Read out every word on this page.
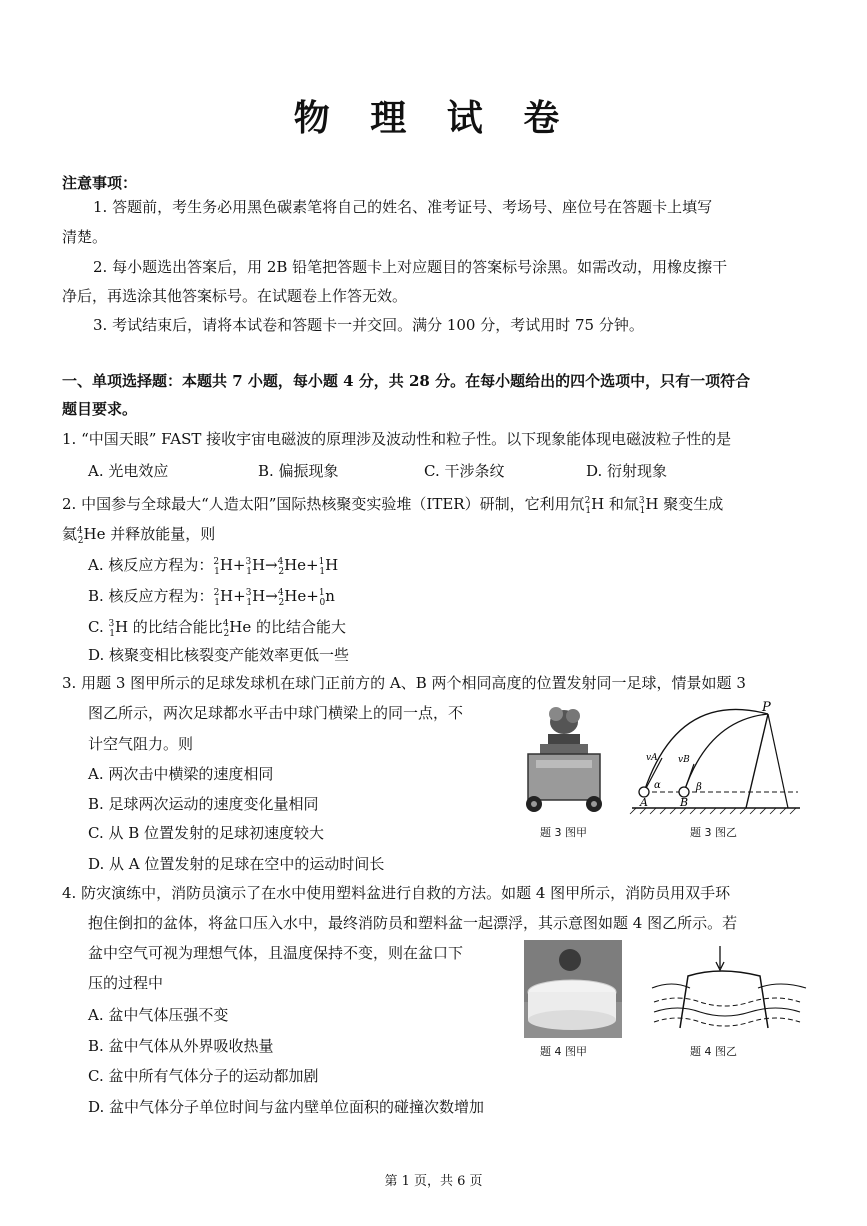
物 理 试 卷
注意事项：
1. 答题前，考生务必用黑色碳素笔将自己的姓名、准考证号、考场号、座位号在答题卡上填写
清楚。
2. 每小题选出答案后，用 2B 铅笔把答题卡上对应题目的答案标号涂黑。如需改动，用橡皮擦干
净后，再选涂其他答案标号。在试题卷上作答无效。
3. 考试结束后，请将本试卷和答题卡一并交回。满分 100 分，考试用时 75 分钟。
一、单项选择题：本题共 7 小题，每小题 4 分，共 28 分。在每小题给出的四个选项中，只有一项符合
题目要求。
1. “中国天眼” FAST 接收宇宙电磁波的原理涉及波动性和粒子性。以下现象能体现电磁波粒子性的是
A. 光电效应	B. 偏振现象	C. 干涉条纹	D. 衍射现象
2. 中国参与全球最大“人造太阳”国际热核聚变实验堆（ITER）研制，它利用氘$^2_1$H 和氚$^3_1$H 聚变生成
氦$^4_2$He 并释放能量，则
A. 核反应方程为：$^2_1$H+$^3_1$H→$^4_2$He+$^1_1$H
B. 核反应方程为：$^2_1$H+$^3_1$H→$^4_2$He+$^1_0$n
C. $^3_1$H 的比结合能比$^4_2$He 的比结合能大
D. 核聚变相比核裂变产能效率更低一些
3. 用题 3 图甲所示的足球发球机在球门正前方的 A、B 两个相同高度的位置发射同一足球，情景如题 3
图乙所示，两次足球都水平击中球门横梁上的同一点，不
计空气阻力。则
A. 两次击中横梁的速度相同
B. 足球两次运动的速度变化量相同
C. 从 B 位置发射的足球初速度较大
D. 从 A 位置发射的足球在空中的运动时间长
题 3 图甲
P
vA vB
α	β
A	B
题 3 图乙
4. 防灾演练中，消防员演示了在水中使用塑料盆进行自救的方法。如题 4 图甲所示，消防员用双手环
抱住倒扣的盆体，将盆口压入水中，最终消防员和塑料盆一起漂浮，其示意图如题 4 图乙所示。若
盆中空气可视为理想气体，且温度保持不变，则在盆口下
压的过程中
A. 盆中气体压强不变
B. 盆中气体从外界吸收热量
C. 盆中所有气体分子的运动都加剧
D. 盆中气体分子单位时间与盆内壁单位面积的碰撞次数增加
题 4 图甲	题 4 图乙
第 1 页，共 6 页
